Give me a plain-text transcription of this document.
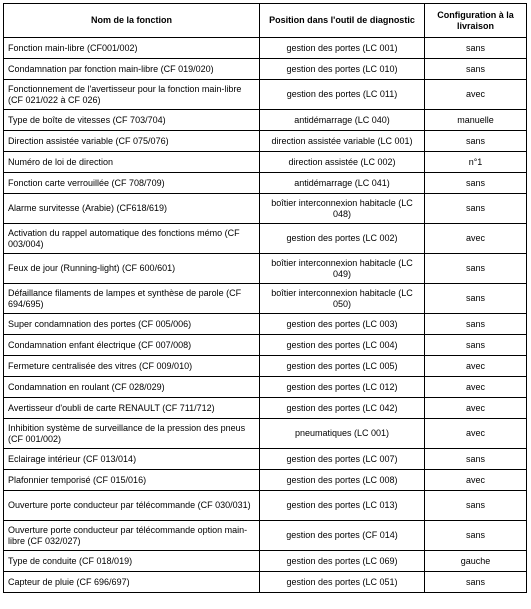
Nom de la fonction	Position dans l'outil de diagnostic	Configuration à la livraison
Fonction main-libre (CF001/002)	gestion des portes (LC 001)	sans
Condamnation par fonction main-libre (CF 019/020)	gestion des portes (LC 010)	sans
Fonctionnement de l'avertisseur pour la fonction main-libre (CF 021/022 à CF 026)	gestion des portes (LC 011)	avec
Type de boîte de vitesses (CF 703/704)	antidémarrage (LC 040)	manuelle
Direction assistée variable (CF 075/076)	direction assistée variable (LC 001)	sans
Numéro de loi de direction	direction assistée (LC 002)	n°1
Fonction carte verrouillée (CF 708/709)	antidémarrage (LC 041)	sans
Alarme survitesse (Arabie) (CF618/619)	boîtier interconnexion habitacle (LC 048)	sans
Activation du rappel automatique des fonctions mémo (CF 003/004)	gestion des portes (LC 002)	avec
Feux de jour (Running-light) (CF 600/601)	boîtier interconnexion habitacle (LC 049)	sans
Défaillance filaments de lampes et synthèse de parole (CF 694/695)	boîtier interconnexion habitacle (LC 050)	sans
Super condamnation des portes (CF 005/006)	gestion des portes (LC 003)	sans
Condamnation enfant électrique (CF 007/008)	gestion des portes (LC 004)	sans
Fermeture centralisée des vitres (CF 009/010)	gestion des portes (LC 005)	avec
Condamnation en roulant (CF 028/029)	gestion des portes (LC 012)	avec
Avertisseur d'oubli de carte RENAULT (CF 711/712)	gestion des portes (LC 042)	avec
Inhibition système de surveillance de la pression des pneus (CF 001/002)	pneumatiques (LC 001)	avec
Eclairage intérieur (CF 013/014)	gestion des portes (LC 007)	sans
Plafonnier temporisé (CF 015/016)	gestion des portes (LC 008)	avec
Ouverture porte conducteur par télécommande (CF 030/031)	gestion des portes (LC 013)	sans
Ouverture porte conducteur par télécommande option main-libre (CF 032/027)	gestion des portes (CF 014)	sans
Type de conduite (CF 018/019)	gestion des portes (LC 069)	gauche
Capteur de pluie (CF 696/697)	gestion des portes (LC 051)	sans
